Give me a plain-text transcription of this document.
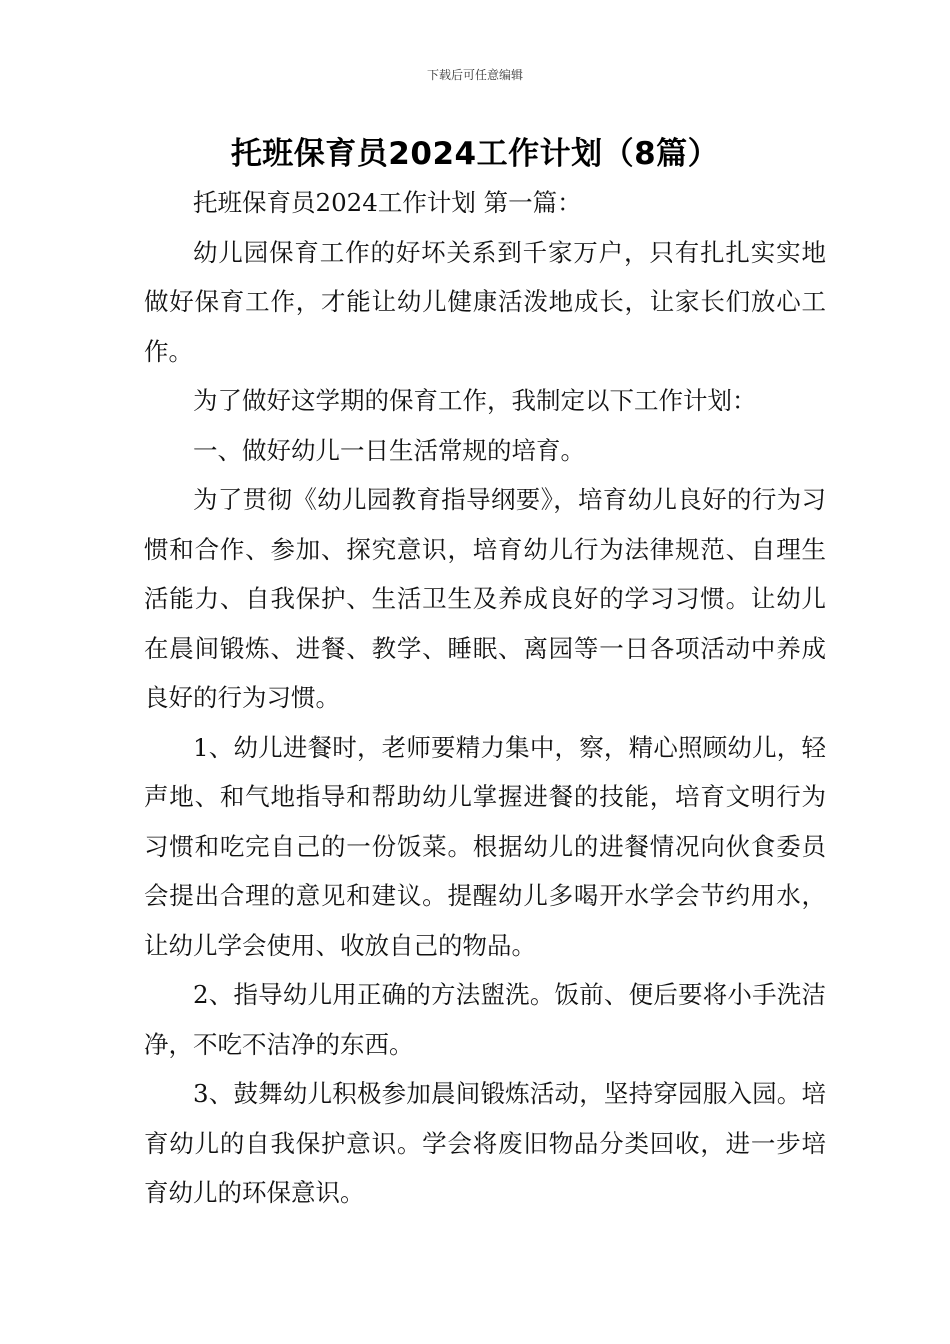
下载后可任意编辑
托班保育员2024工作计划（8篇）

托班保育员2024工作计划 第一篇：

幼儿园保育工作的好坏关系到千家万户，只有扎扎实实地做好保育工作，才能让幼儿健康活泼地成长，让家长们放心工作。

为了做好这学期的保育工作，我制定以下工作计划：

一、做好幼儿一日生活常规的培育。

为了贯彻《幼儿园教育指导纲要》，培育幼儿良好的行为习惯和合作、参加、探究意识，培育幼儿行为法律规范、自理生活能力、自我保护、生活卫生及养成良好的学习习惯。让幼儿在晨间锻炼、进餐、教学、睡眠、离园等一日各项活动中养成良好的行为习惯。

1、幼儿进餐时，老师要精力集中，察，精心照顾幼儿，轻声地、和气地指导和帮助幼儿掌握进餐的技能，培育文明行为习惯和吃完自己的一份饭菜。根据幼儿的进餐情况向伙食委员会提出合理的意见和建议。提醒幼儿多喝开水学会节约用水，让幼儿学会使用、收放自己的物品。

2、指导幼儿用正确的方法盥洗。饭前、便后要将小手洗洁净，不吃不洁净的东西。

3、鼓舞幼儿积极参加晨间锻炼活动，坚持穿园服入园。培育幼儿的自我保护意识。学会将废旧物品分类回收，进一步培育幼儿的环保意识。
